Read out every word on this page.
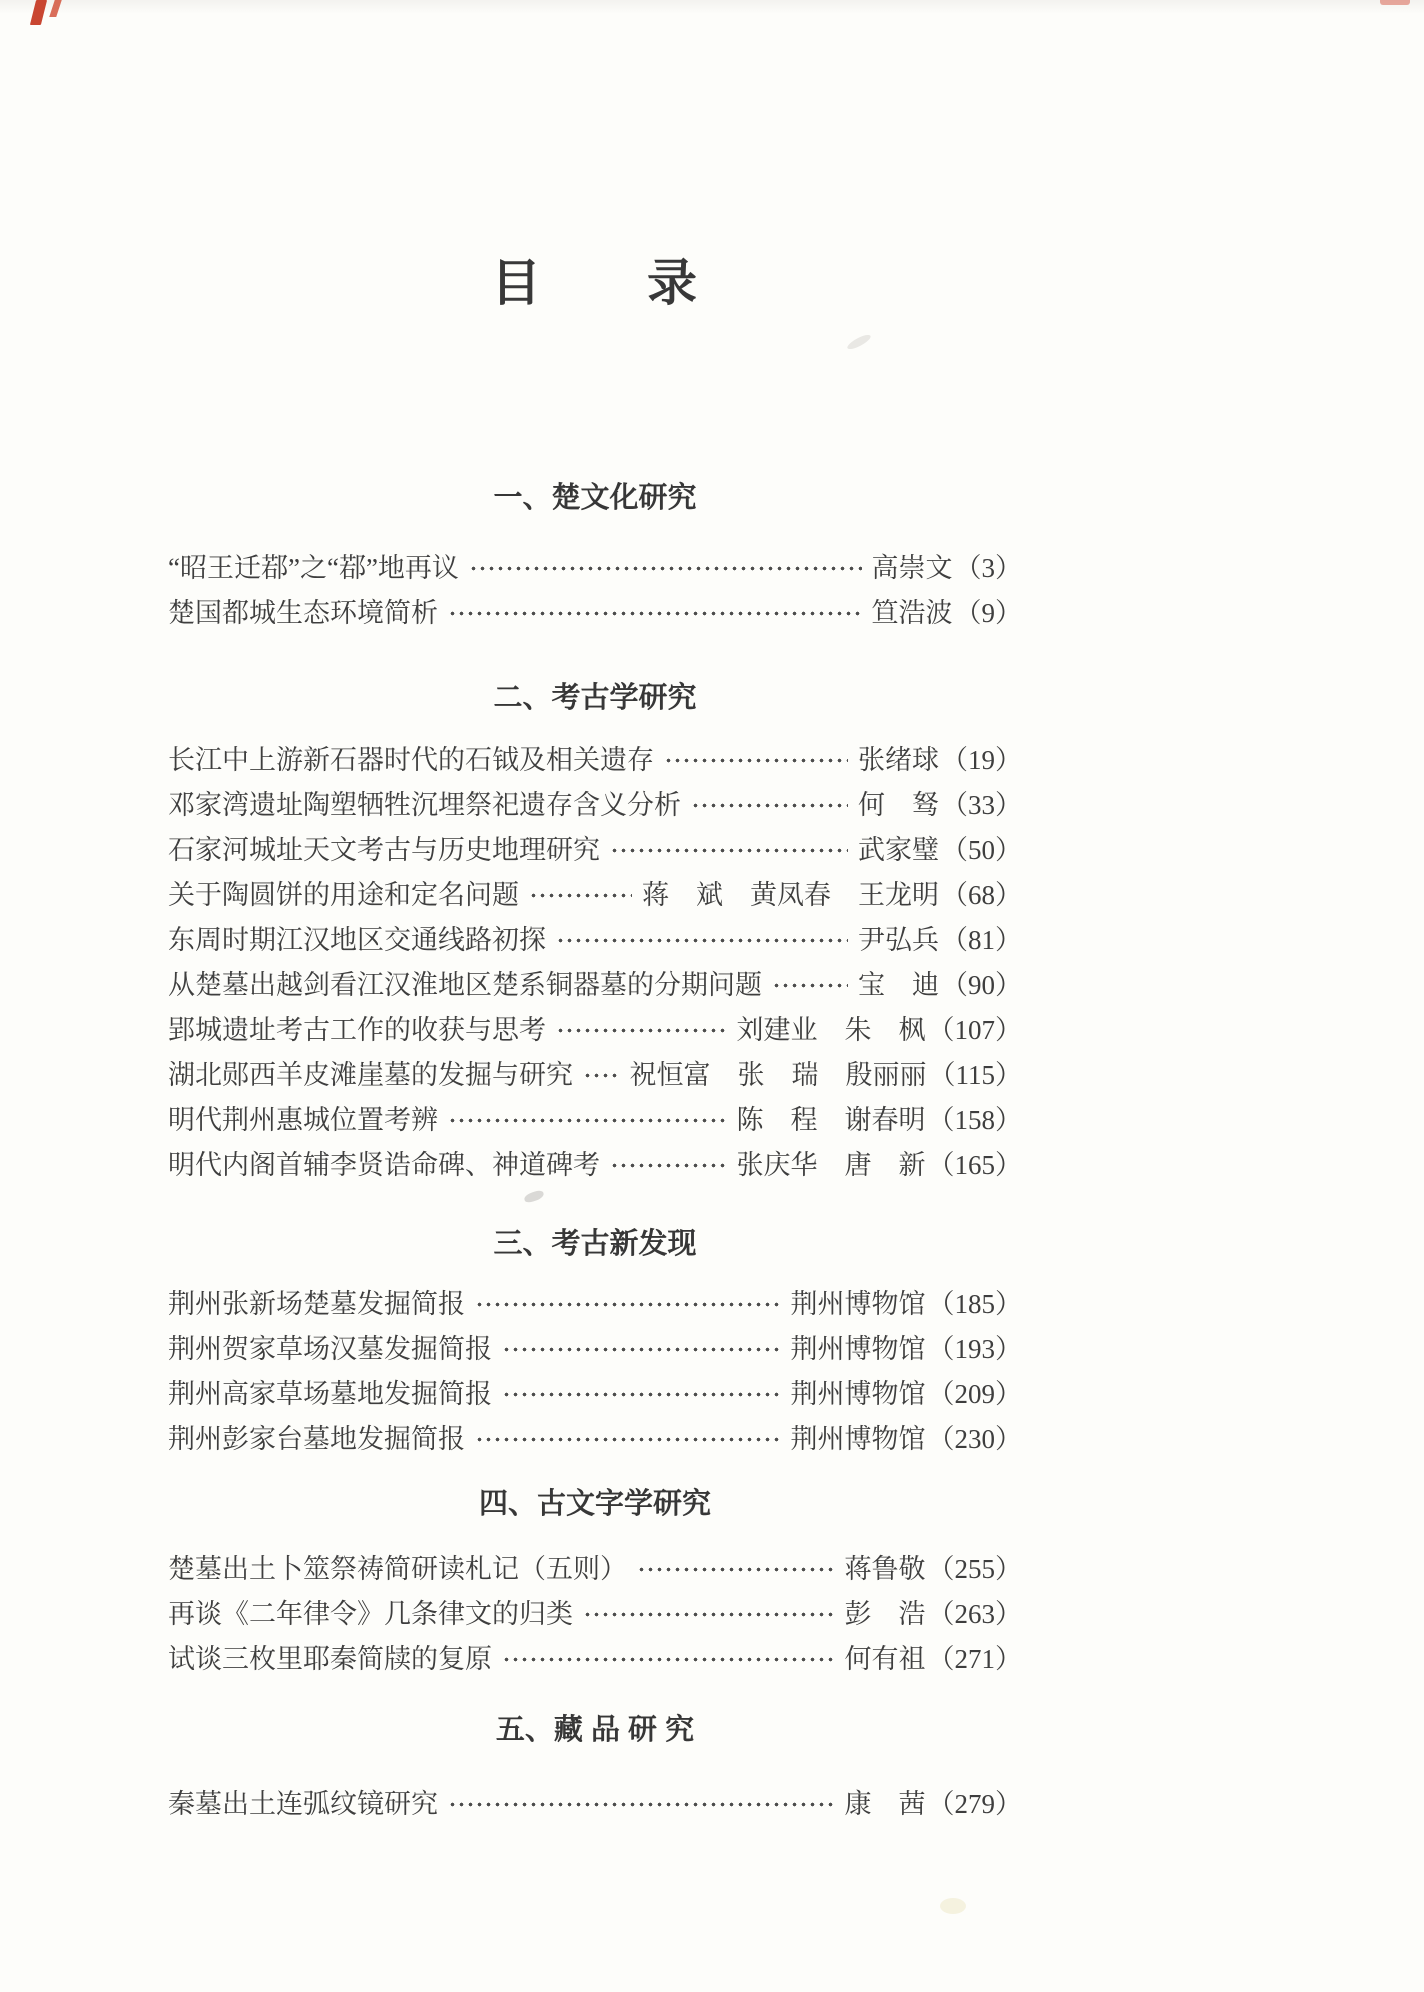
目　　录
一、楚文化研究
“昭王迁鄀”之“鄀”地再议	高崇文 （3）
楚国都城生态环境简析	笪浩波 （9）
二、考古学研究
长江中上游新石器时代的石钺及相关遗存	张绪球 （19）
邓家湾遗址陶塑牺牲沉埋祭祀遗存含义分析	何　驽 （33）
石家河城址天文考古与历史地理研究	武家璧 （50）
关于陶圆饼的用途和定名问题	蒋　斌　黄凤春　王龙明 （68）
东周时期江汉地区交通线路初探	尹弘兵 （81）
从楚墓出越剑看江汉淮地区楚系铜器墓的分期问题	宝　迪 （90）
郢城遗址考古工作的收获与思考	刘建业　朱　枫 （107）
湖北郧西羊皮滩崖墓的发掘与研究 祝恒富　张　瑞　殷丽丽 （115）
明代荆州惠城位置考辨	陈　程　谢春明 （158）
明代内阁首辅李贤诰命碑、神道碑考	张庆华　唐　新 （165）
三、考古新发现
荆州张新场楚墓发掘简报	荆州博物馆 （185）
荆州贺家草场汉墓发掘简报	荆州博物馆 （193）
荆州高家草场墓地发掘简报	荆州博物馆 （209）
荆州彭家台墓地发掘简报	荆州博物馆 （230）
四、古文字学研究
楚墓出土卜筮祭祷简研读札记（五则）	蒋鲁敬 （255）
再谈《二年律令》几条律文的归类	彭　浩 （263）
试谈三枚里耶秦简牍的复原	何有祖 （271）
五、藏 品 研 究
秦墓出土连弧纹镜研究	康　茜 （279）
